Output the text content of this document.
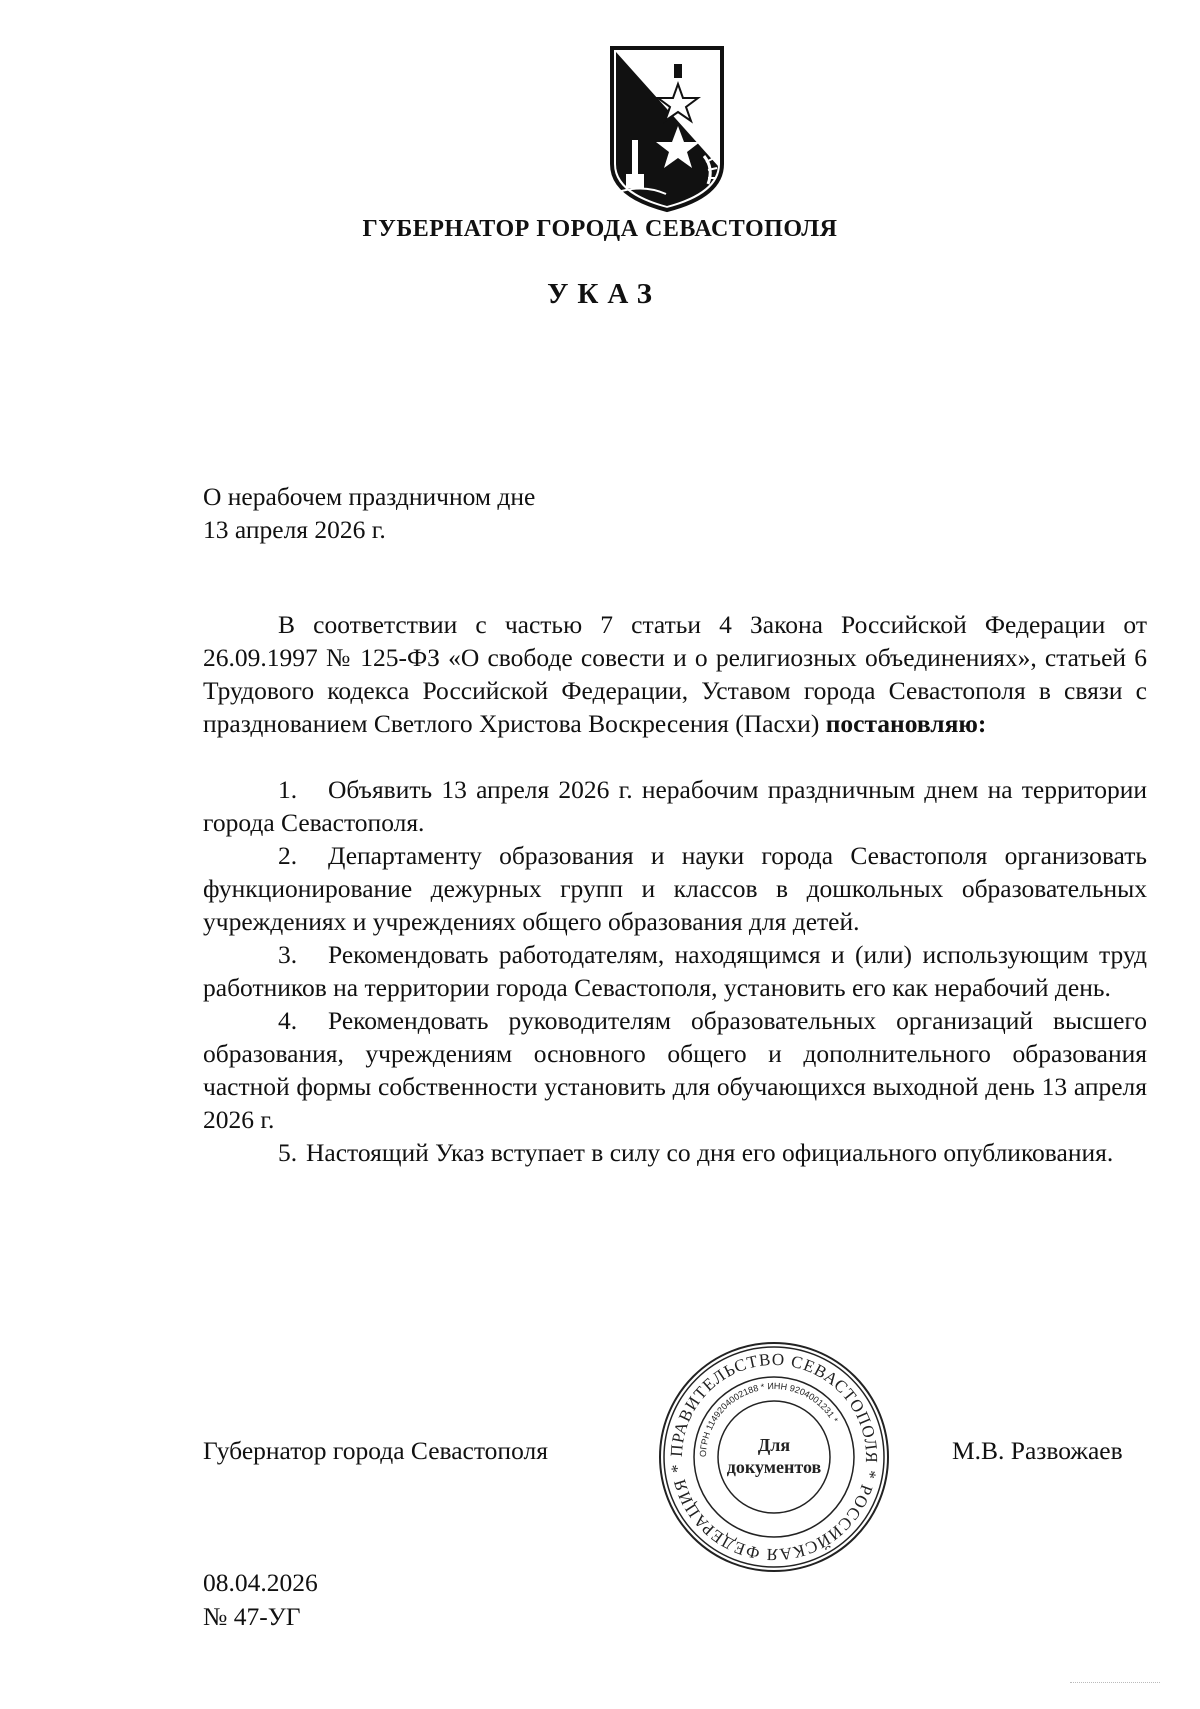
ГУБЕРНАТОР ГОРОДА СЕВАСТОПОЛЯ
УКАЗ
О нерабочем праздничном дне
13 апреля 2026 г.

В соответствии с частью 7 статьи 4 Закона Российской Федерации от 26.09.1997 № 125-ФЗ «О свободе совести и о религиозных объединениях», статьей 6 Трудового кодекса Российской Федерации, Уставом города Севастополя в связи с празднованием Светлого Христова Воскресения (Пасхи) постановляю:

1. Объявить 13 апреля 2026 г. нерабочим праздничным днем на территории города Севастополя.

2. Департаменту образования и науки города Севастополя организовать функционирование дежурных групп и классов в дошкольных образовательных учреждениях и учреждениях общего образования для детей.

3. Рекомендовать работодателям, находящимся и (или) использующим труд работников на территории города Севастополя, установить его как нерабочий день.

4. Рекомендовать руководителям образовательных организаций высшего образования, учреждениям основного общего и дополнительного образования частной формы собственности установить для обучающихся выходной день 13 апреля 2026 г.

5. Настоящий Указ вступает в силу со дня его официального опубликования.

Губернатор города Севастополя	ПРАВИТЕЛЬСТВО СЕВАСТОПОЛЯ * РОССИЙСКАЯ ФЕДЕРАЦИЯ *
ОГРН 1149204002188 * ИНН 9204001231 *
Для
документов
М.В. Развожаев
08.04.2026
№ 47-УГ
